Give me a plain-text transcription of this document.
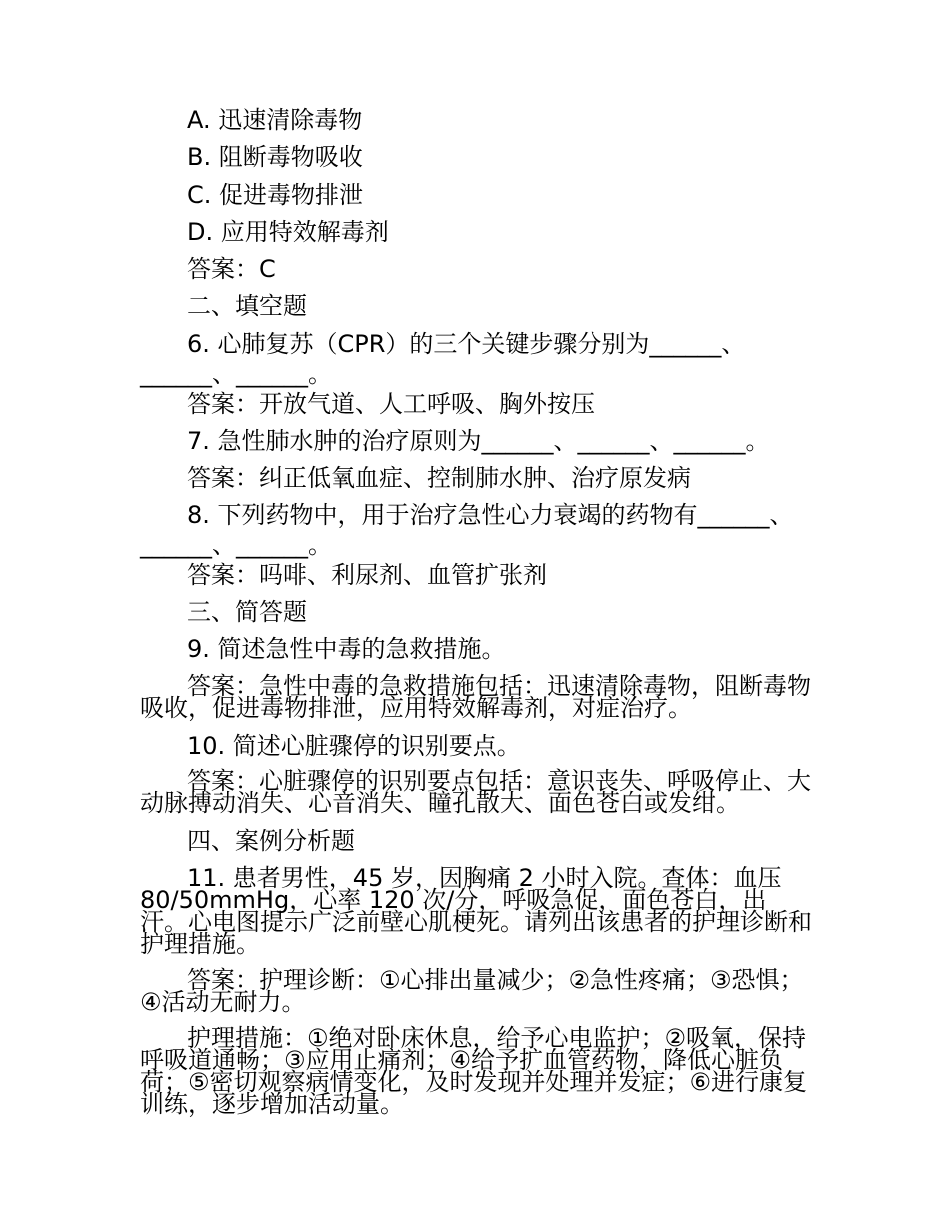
A. 迅速清除毒物

B. 阻断毒物吸收

C. 促进毒物排泄

D. 应用特效解毒剂

答案：C

二、填空题

6. 心肺复苏（CPR）的三个关键步骤分别为______、______、______。

答案：开放气道、人工呼吸、胸外按压

7. 急性肺水肿的治疗原则为______、______、______。

答案：纠正低氧血症、控制肺水肿、治疗原发病

8. 下列药物中，用于治疗急性心力衰竭的药物有______、______、______。

答案：吗啡、利尿剂、血管扩张剂

三、简答题

9. 简述急性中毒的急救措施。

答案：急性中毒的急救措施包括：迅速清除毒物，阻断毒物吸收，促进毒物排泄，应用特效解毒剂，对症治疗。

10. 简述心脏骤停的识别要点。

答案：心脏骤停的识别要点包括：意识丧失、呼吸停止、大动脉搏动消失、心音消失、瞳孔散大、面色苍白或发绀。

四、案例分析题

11. 患者男性，45 岁，因胸痛 2 小时入院。查体：血压 80/50mmHg，心率 120 次/分，呼吸急促，面色苍白，出汗。心电图提示广泛前壁心肌梗死。请列出该患者的护理诊断和护理措施。

答案：护理诊断：①心排出量减少；②急性疼痛；③恐惧；④活动无耐力。

护理措施：①绝对卧床休息，给予心电监护；②吸氧，保持呼吸道通畅；③应用止痛剂；④给予扩血管药物，降低心脏负荷；⑤密切观察病情变化，及时发现并处理并发症；⑥进行康复训练，逐步增加活动量。
